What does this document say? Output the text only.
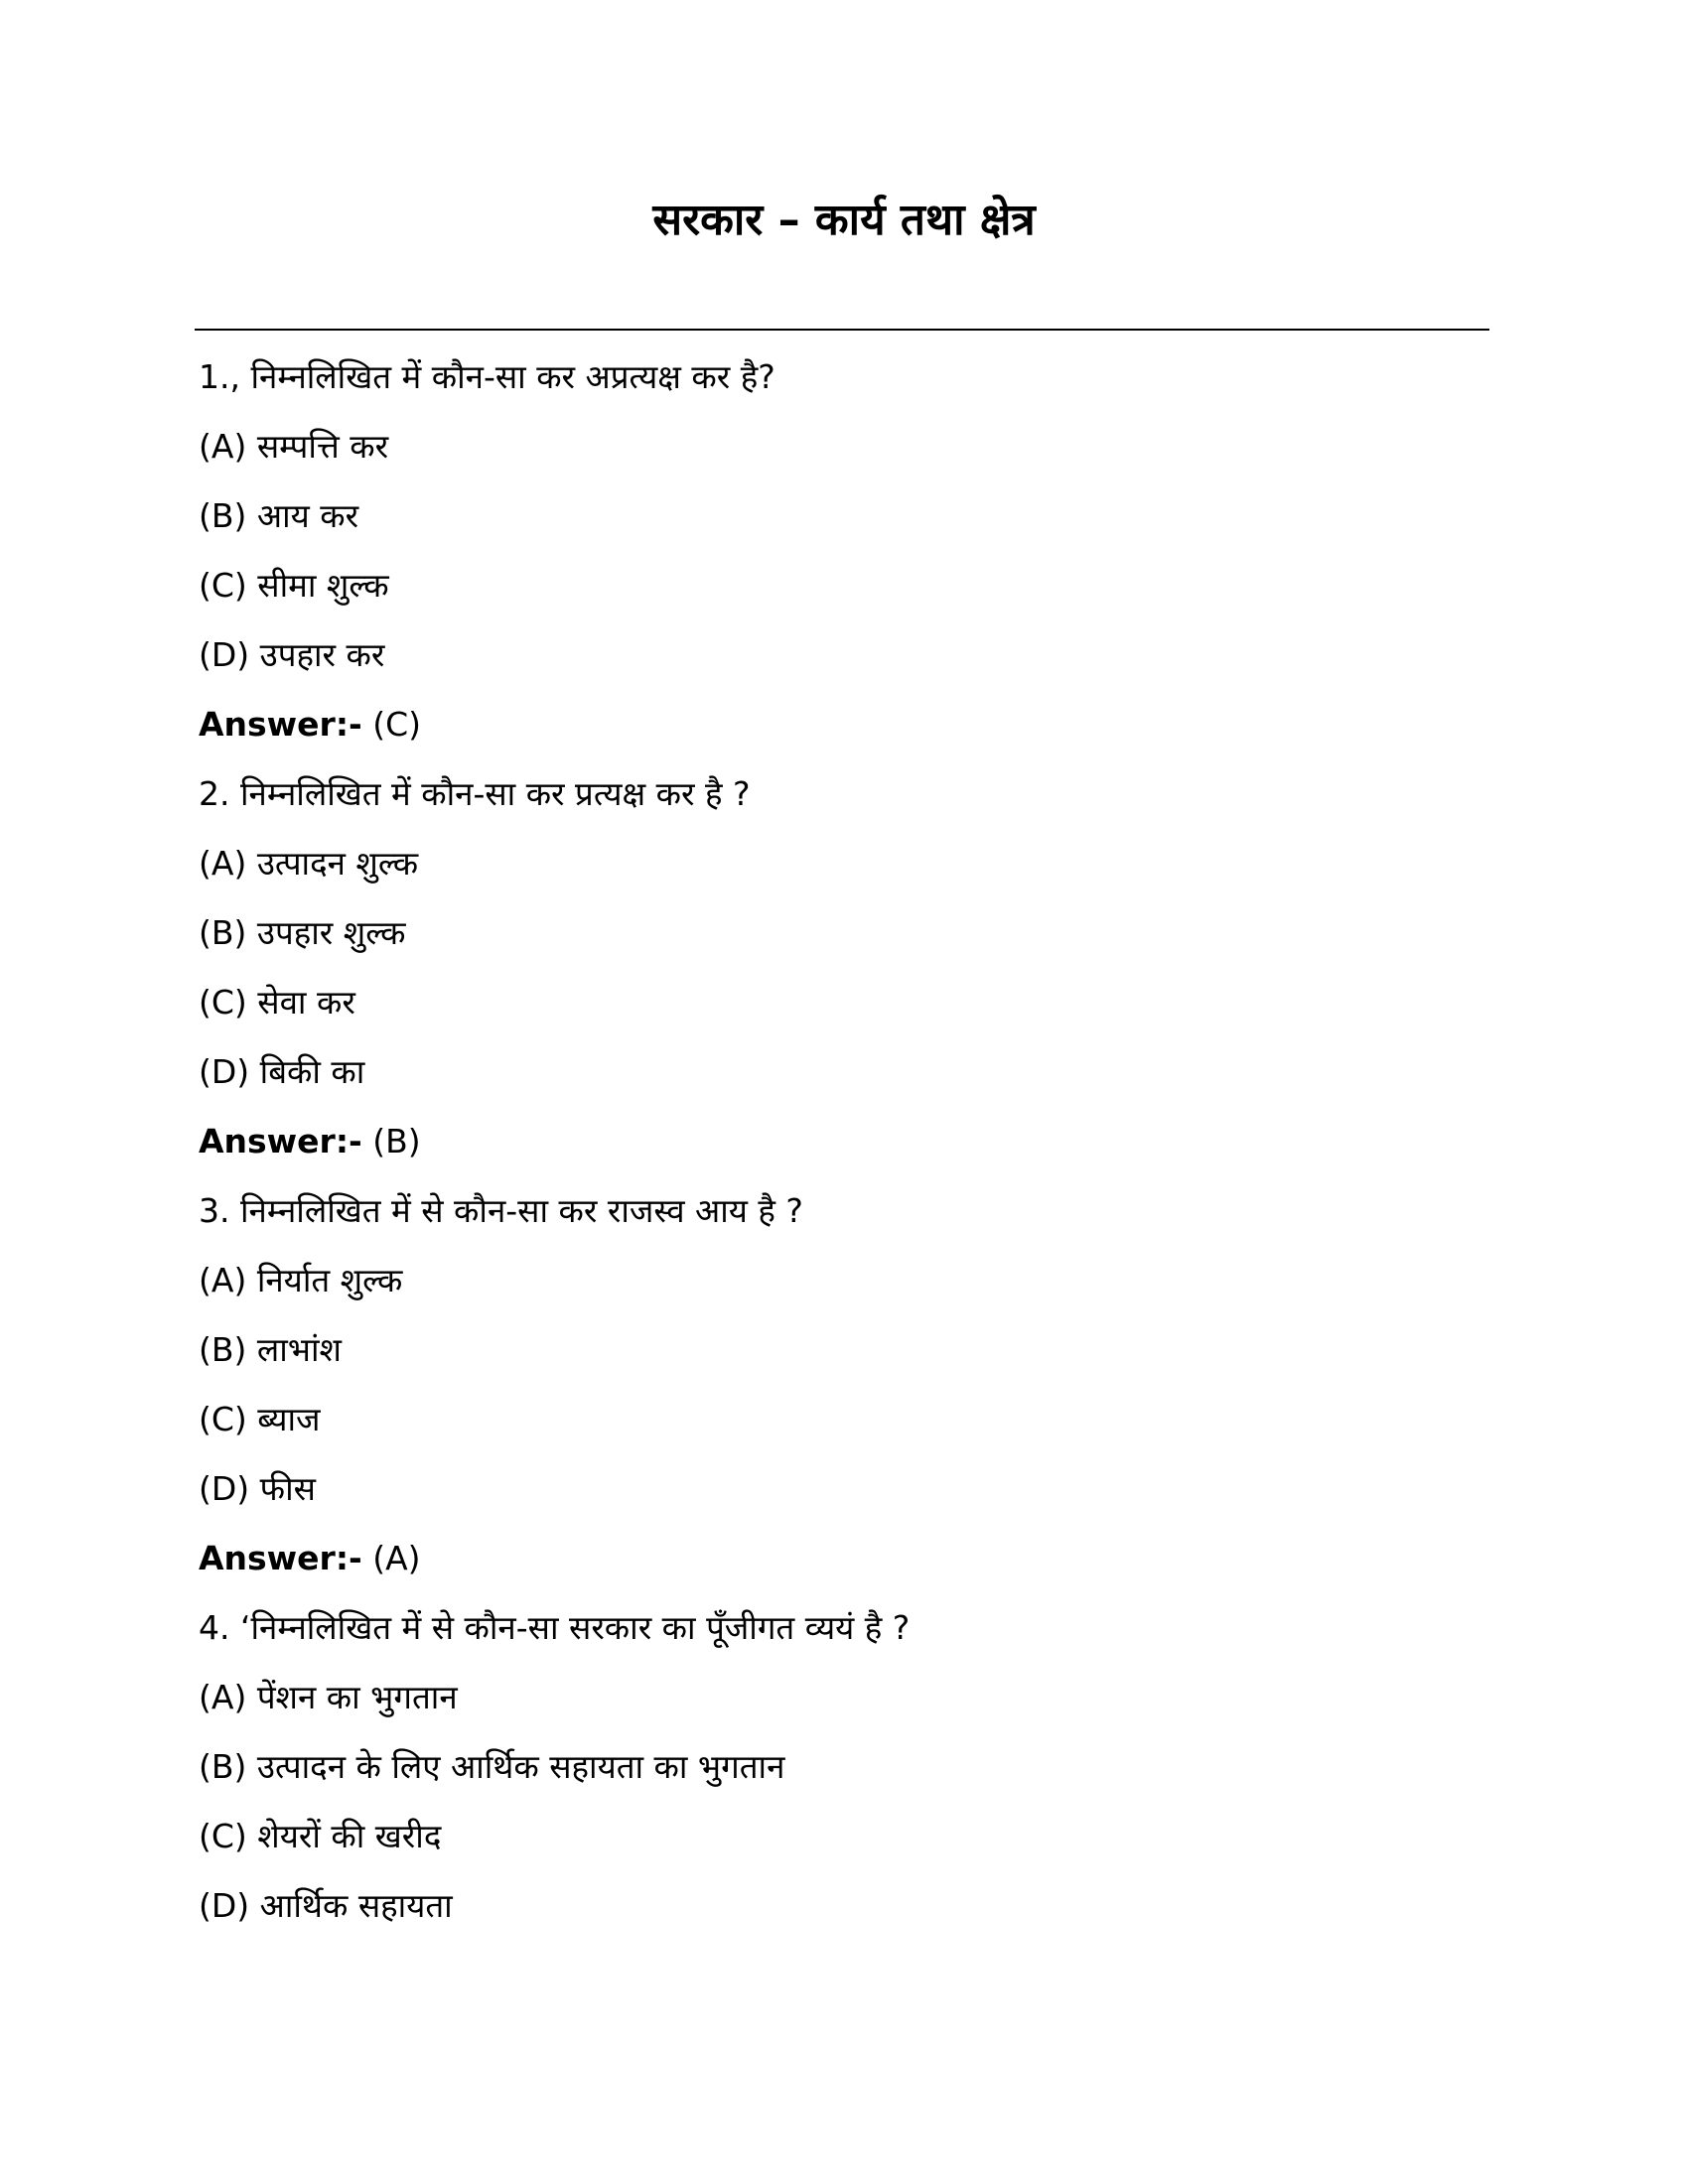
सरकार – कार्य तथा क्षेत्र
1., निम्नलिखित में कौन-सा कर अप्रत्यक्ष कर है?
(A) सम्पत्ति कर
(B) आय कर
(C) सीमा शुल्क
(D) उपहार कर
Answer:- (C)
2. निम्नलिखित में कौन-सा कर प्रत्यक्ष कर है ?
(A) उत्पादन शुल्क
(B) उपहार शुल्क
(C) सेवा कर
(D) बिकी का
Answer:- (B)
3. निम्नलिखित में से कौन-सा कर राजस्व आय है ?
(A) निर्यात शुल्क
(B) लाभांश
(C) ब्याज
(D) फीस
Answer:- (A)
4. ‘निम्नलिखित में से कौन-सा सरकार का पूँजीगत व्ययं है ?
(A) पेंशन का भुगतान
(B) उत्पादन के लिए आर्थिक सहायता का भुगतान
(C) शेयरों की खरीद
(D) आर्थिक सहायता
